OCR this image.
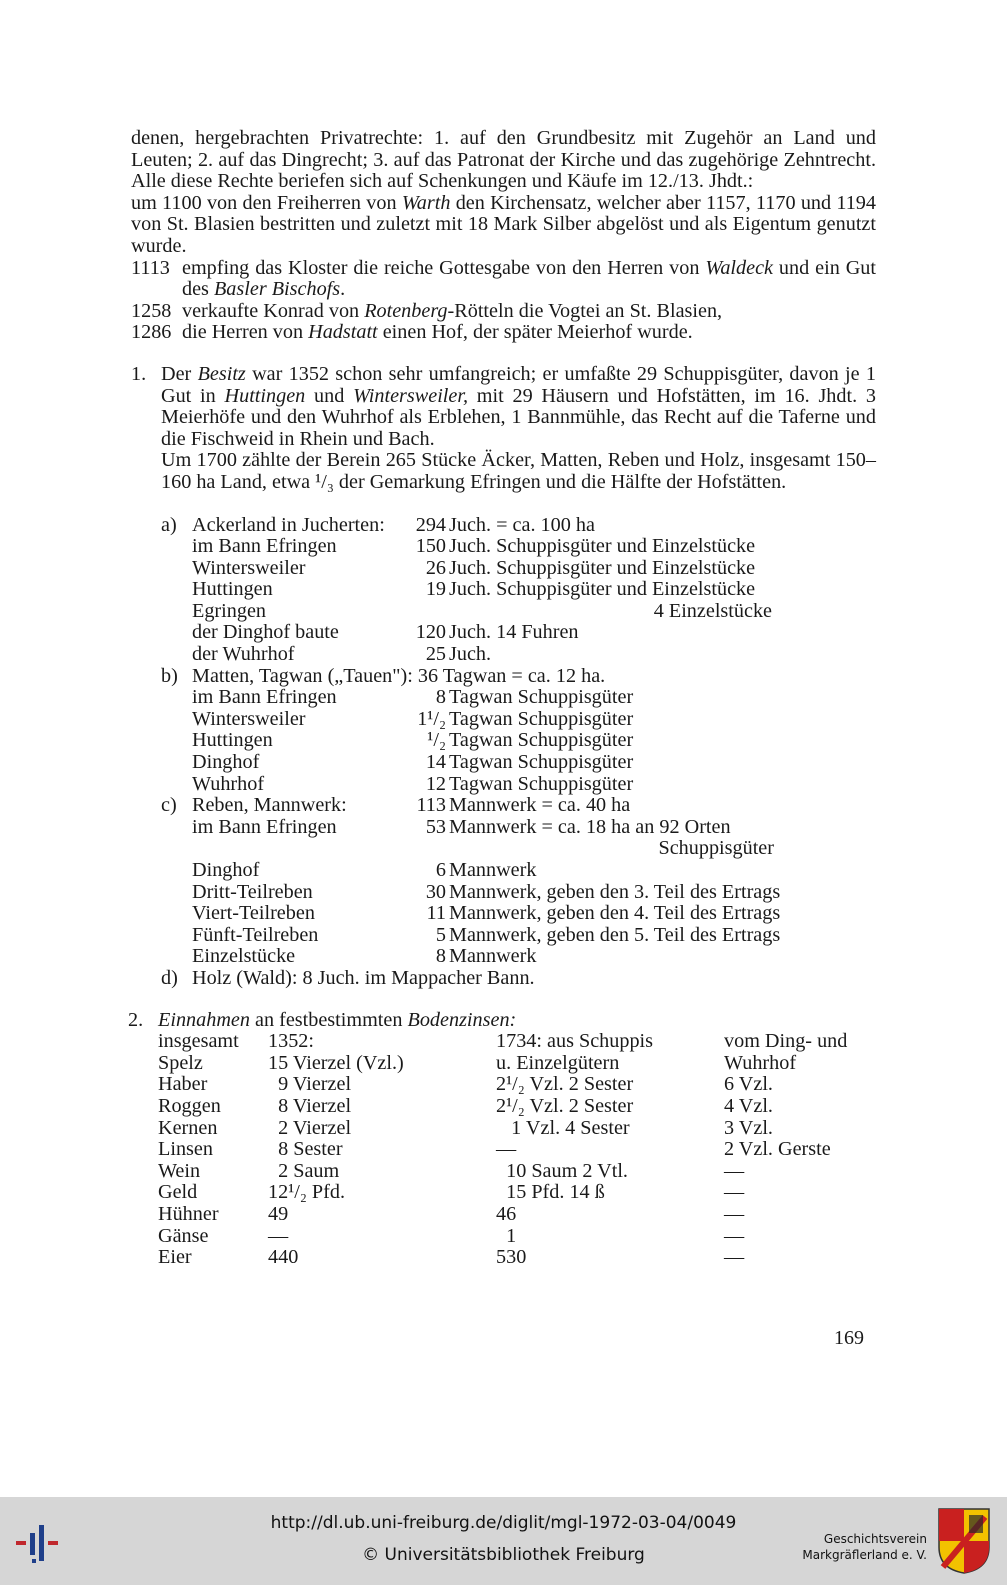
denen, hergebrachten Privatrechte: 1. auf den Grundbesitz mit Zugehör an Land und Leuten; 2. auf das Dingrecht; 3. auf das Patronat der Kirche und das zugehörige Zehntrecht. Alle diese Rechte beriefen sich auf Schenkungen und Käufe im 12./13. Jhdt.:

um 1100 von den Freiherren von Warth den Kirchensatz, welcher aber 1157, 1170 und 1194 von St. Blasien bestritten und zuletzt mit 18 Mark Silber abgelöst und als Eigentum genutzt wurde.

1113 empfing das Kloster die reiche Gottesgabe von den Herren von Waldeck und ein Gut des Basler Bischofs.
1258 verkaufte Konrad von Rotenberg-Rötteln die Vogtei an St. Blasien,
1286 die Herren von Hadstatt einen Hof, der später Meierhof wurde.
1. Der Besitz war 1352 schon sehr umfangreich; er umfaßte 29 Schuppisgüter, davon je 1 Gut in Huttingen und Wintersweiler, mit 29 Häusern und Hofstätten, im 16. Jhdt. 3 Meierhöfe und den Wuhrhof als Erblehen, 1 Bannmühle, das Recht auf die Taferne und die Fischweid in Rhein und Bach.

Um 1700 zählte der Berein 265 Stücke Äcker, Matten, Reben und Holz, insgesamt 150–160 ha Land, etwa ¹/₃ der Gemarkung Efringen und die Hälfte der Hofstätten.

a) Ackerland in Jucherten:	294 Juch. = ca. 100 ha
im Bann Efringen	150 Juch. Schuppisgüter und Einzelstücke
Wintersweiler	26 Juch. Schuppisgüter und Einzelstücke
Huttingen	19 Juch. Schuppisgüter und Einzelstücke
Egringen	4 Einzelstücke
der Dinghof baute	120 Juch. 14 Fuhren
der Wuhrhof	25 Juch.
b) Matten, Tagwan („Tauen"): 36 Tagwan = ca. 12 ha.
im Bann Efringen	8 Tagwan Schuppisgüter
Wintersweiler	1¹/₂ Tagwan Schuppisgüter
Huttingen	¹/₂ Tagwan Schuppisgüter
Dinghof	14 Tagwan Schuppisgüter
Wuhrhof	12 Tagwan Schuppisgüter
c) Reben, Mannwerk:	113 Mannwerk = ca. 40 ha
im Bann Efringen	53 Mannwerk = ca. 18 ha an 92 Orten
Schuppisgüter
Dinghof	6 Mannwerk
Dritt-Teilreben	30 Mannwerk, geben den 3. Teil des Ertrags
Viert-Teilreben	11 Mannwerk, geben den 4. Teil des Ertrags
Fünft-Teilreben	5 Mannwerk, geben den 5. Teil des Ertrags
Einzelstücke	8 Mannwerk
d) Holz (Wald): 8 Juch. im Mappacher Bann.
2. Einnahmen an festbestimmten Bodenzinsen:

insgesamt	1352:	1734: aus Schuppis	vom Ding- und
Spelz	15 Vierzel (Vzl.)	u. Einzelgütern	Wuhrhof
Haber	9 Vierzel	2¹/₂ Vzl. 2 Sester	6 Vzl.
Roggen	8 Vierzel	2¹/₂ Vzl. 2 Sester	4 Vzl.
Kernen	2 Vierzel	1 Vzl. 4 Sester	3 Vzl.
Linsen	8 Sester	—	2 Vzl. Gerste
Wein	2 Saum	10 Saum 2 Vtl.	—
Geld	12¹/₂ Pfd.	15 Pfd. 14 ß	—
Hühner	49	46	—
Gänse	—	1	—
Eier	440	530	—
169
http://dl.ub.uni-freiburg.de/diglit/mgl-1972-03-04/0049
© Universitätsbibliothek Freiburg
Geschichtsverein
Markgräflerland e. V.
